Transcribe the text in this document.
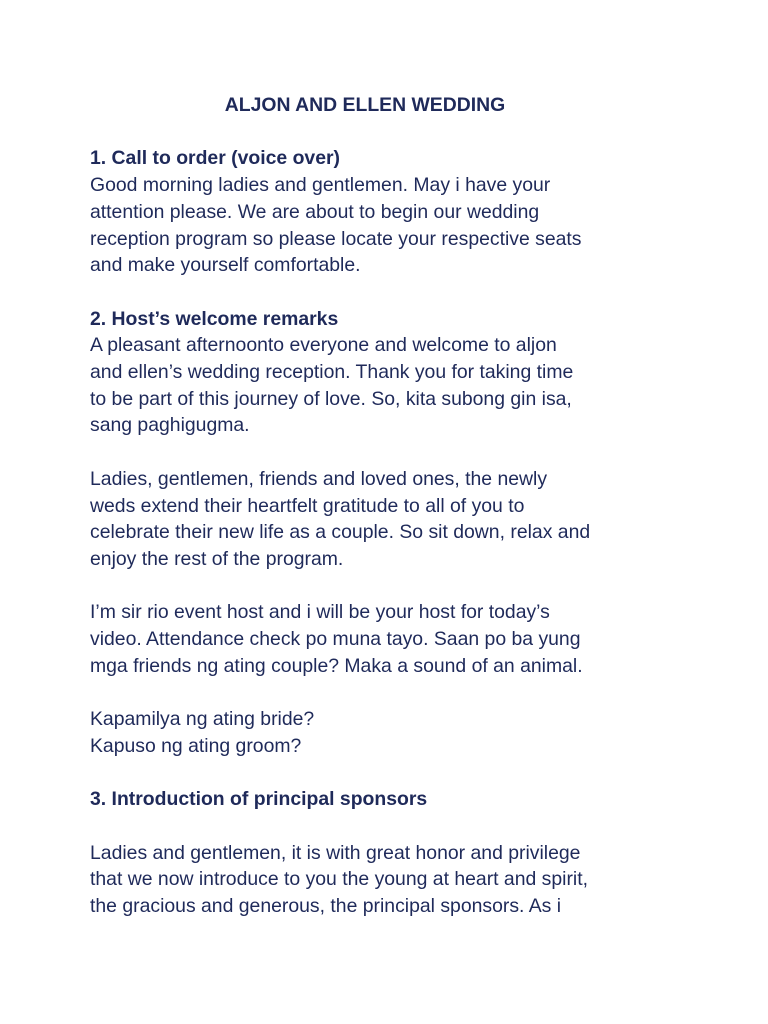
ALJON AND ELLEN WEDDING
1. Call to order (voice over)
Good morning ladies and gentlemen. May i have your
attention please. We are about to begin our wedding
reception program so please locate your respective seats
and make yourself comfortable.
2. Host’s welcome remarks
A pleasant afternoonto everyone and welcome to aljon
and ellen’s wedding reception. Thank you for taking time
to be part of this journey of love. So, kita subong gin isa,
sang paghigugma.
Ladies, gentlemen, friends and loved ones, the newly
weds extend their heartfelt gratitude to all of you to
celebrate their new life as a couple. So sit down, relax and
enjoy the rest of the program.
I’m sir rio event host and i will be your host for today’s
video. Attendance check po muna tayo. Saan po ba yung
mga friends ng ating couple? Maka a sound of an animal.
Kapamilya ng ating bride?
Kapuso ng ating groom?
3. Introduction of principal sponsors
Ladies and gentlemen, it is with great honor and privilege
that we now introduce to you the young at heart and spirit,
the gracious and generous, the principal sponsors. As i
